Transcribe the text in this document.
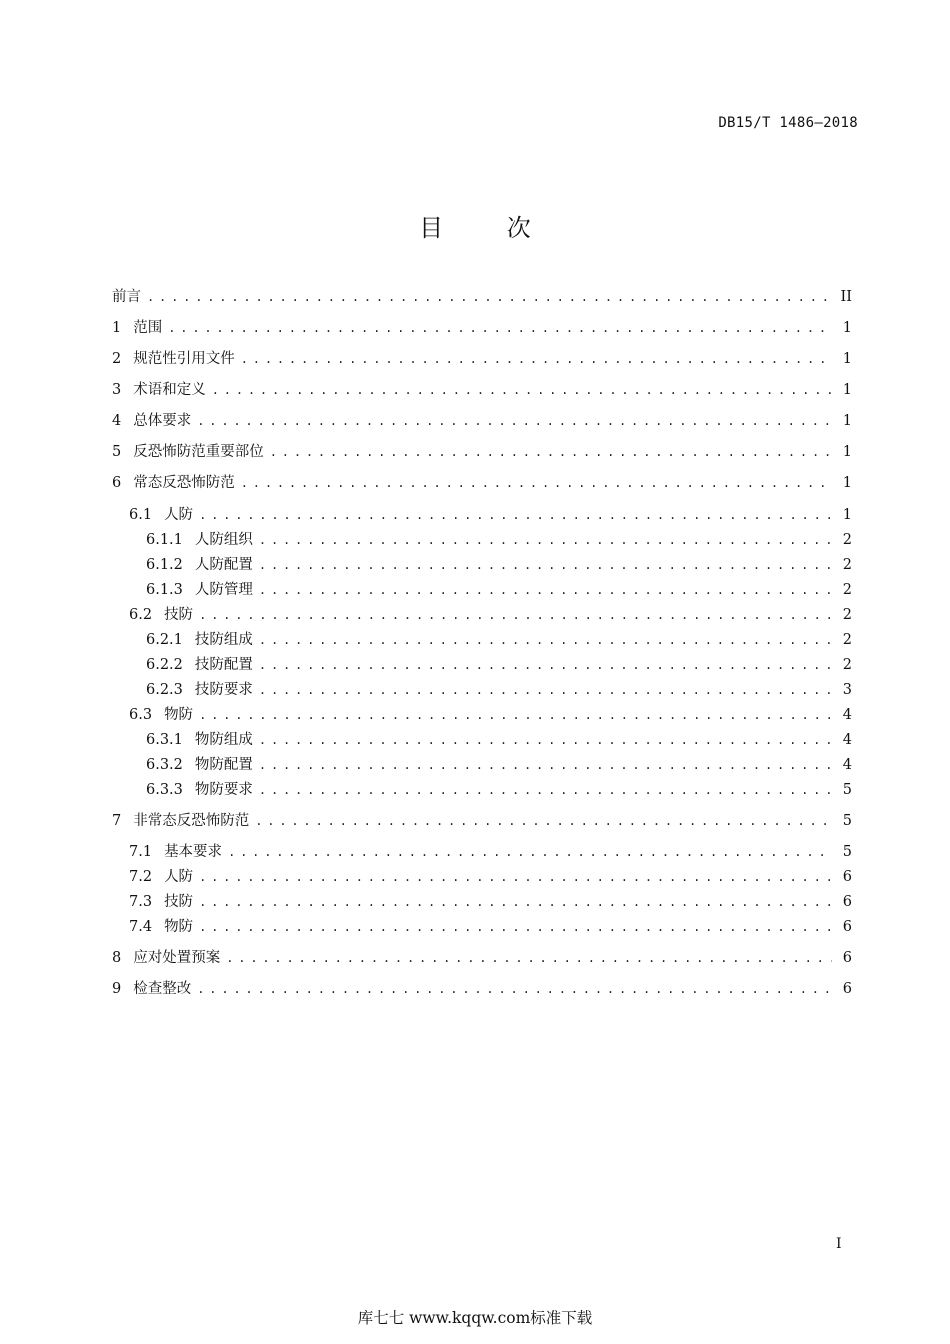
DB15/T 1486—2018
目 次
前言 . . .	II
1 范围 . . .	1
2 规范性引用文件 . . .	1
3 术语和定义 . . .	1
4 总体要求 . . .	1
5 反恐怖防范重要部位 . . .	1
6 常态反恐怖防范 . . .	1
6.1 人防 . . .	1
6.1.1 人防组织 . . .	2
6.1.2 人防配置 . . .	2
6.1.3 人防管理 . . .	2
6.2 技防 . . .	2
6.2.1 技防组成 . . .	2
6.2.2 技防配置 . . .	2
6.2.3 技防要求 . . .	3
6.3 物防 . . .	4
6.3.1 物防组成 . . .	4
6.3.2 物防配置 . . .	4
6.3.3 物防要求 . . .	5
7 非常态反恐怖防范 . . .	5
7.1 基本要求 . . .	5
7.2 人防 . . .	6
7.3 技防 . . .	6
7.4 物防 . . .	6
8 应对处置预案 . . .	6
9 检查整改 . . .	6
I
库七七 www.kqqw.com标准下载
